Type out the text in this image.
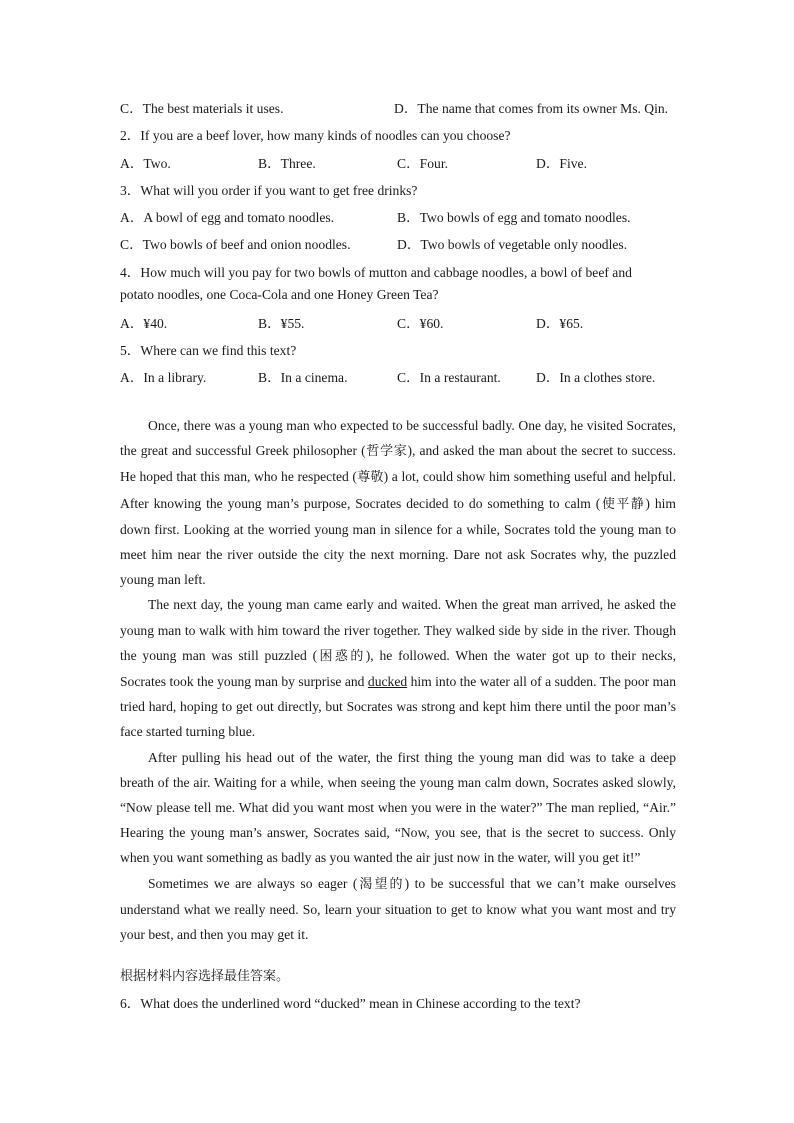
C．The best materials it uses.	D．The name that comes from its owner Ms. Qin.
2．If you are a beef lover, how many kinds of noodles can you choose?
A．Two.	B．Three.	C．Four.	D．Five.
3．What will you order if you want to get free drinks?
A．A bowl of egg and tomato noodles.	B．Two bowls of egg and tomato noodles.
C．Two bowls of beef and onion noodles.	D．Two bowls of vegetable only noodles.
4．How much will you pay for two bowls of mutton and cabbage noodles, a bowl of beef and
potato noodles, one Coca-Cola and one Honey Green Tea?
A．¥40.	B．¥55.	C．¥60.	D．¥65.
5．Where can we find this text?
A．In a library.	B．In a cinema.	C．In a restaurant.	D．In a clothes store.

Once, there was a young man who expected to be successful badly. One day, he visited Socrates, the great and successful Greek philosopher (哲学家), and asked the man about the secret to success. He hoped that this man, who he respected (尊敬) a lot, could show him something useful and helpful. After knowing the young man’s purpose, Socrates decided to do something to calm (使平静) him down first. Looking at the worried young man in silence for a while, Socrates told the young man to meet him near the river outside the city the next morning. Dare not ask Socrates why, the puzzled young man left.

The next day, the young man came early and waited. When the great man arrived, he asked the young man to walk with him toward the river together. They walked side by side in the river. Though the young man was still puzzled (困惑的), he followed. When the water got up to their necks, Socrates took the young man by surprise and ducked him into the water all of a sudden. The poor man tried hard, hoping to get out directly, but Socrates was strong and kept him there until the poor man’s face started turning blue.

After pulling his head out of the water, the first thing the young man did was to take a deep breath of the air. Waiting for a while, when seeing the young man calm down, Socrates asked slowly, “Now please tell me. What did you want most when you were in the water?” The man replied, “Air.” Hearing the young man’s answer, Socrates said, “Now, you see, that is the secret to success. Only when you want something as badly as you wanted the air just now in the water, will you get it!”

Sometimes we are always so eager (渴望的) to be successful that we can’t make ourselves understand what we really need. So, learn your situation to get to know what you want most and try your best, and then you may get it.

根据材料内容选择最佳答案。
6．What does the underlined word “ducked” mean in Chinese according to the text?
